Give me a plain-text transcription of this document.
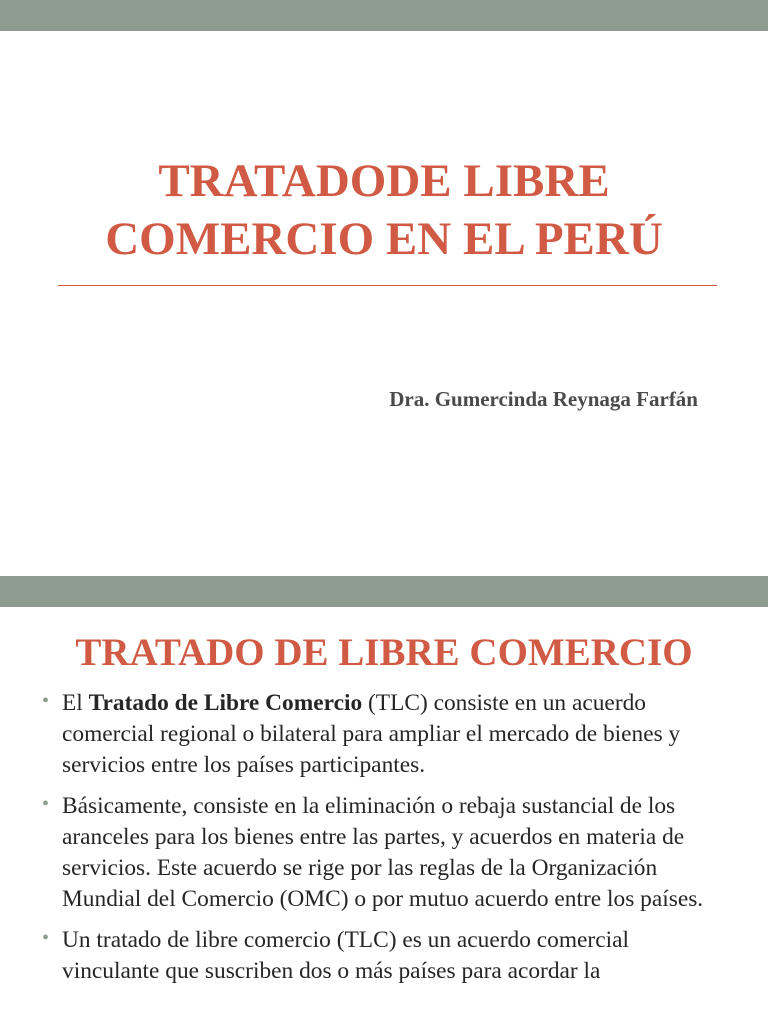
TRATADODE LIBRE
COMERCIO EN EL PERÚ
Dra. Gumercinda Reynaga Farfán
TRATADO DE LIBRE COMERCIO
• El Tratado de Libre Comercio (TLC) consiste en un acuerdo comercial regional o bilateral para ampliar el mercado de bienes y servicios entre los países participantes.
• Básicamente, consiste en la eliminación o rebaja sustancial de los aranceles para los bienes entre las partes, y acuerdos en materia de servicios. Este acuerdo se rige por las reglas de la Organización Mundial del Comercio (OMC) o por mutuo acuerdo entre los países.
• Un tratado de libre comercio (TLC) es un acuerdo comercial vinculante que suscriben dos o más países para acordar la
